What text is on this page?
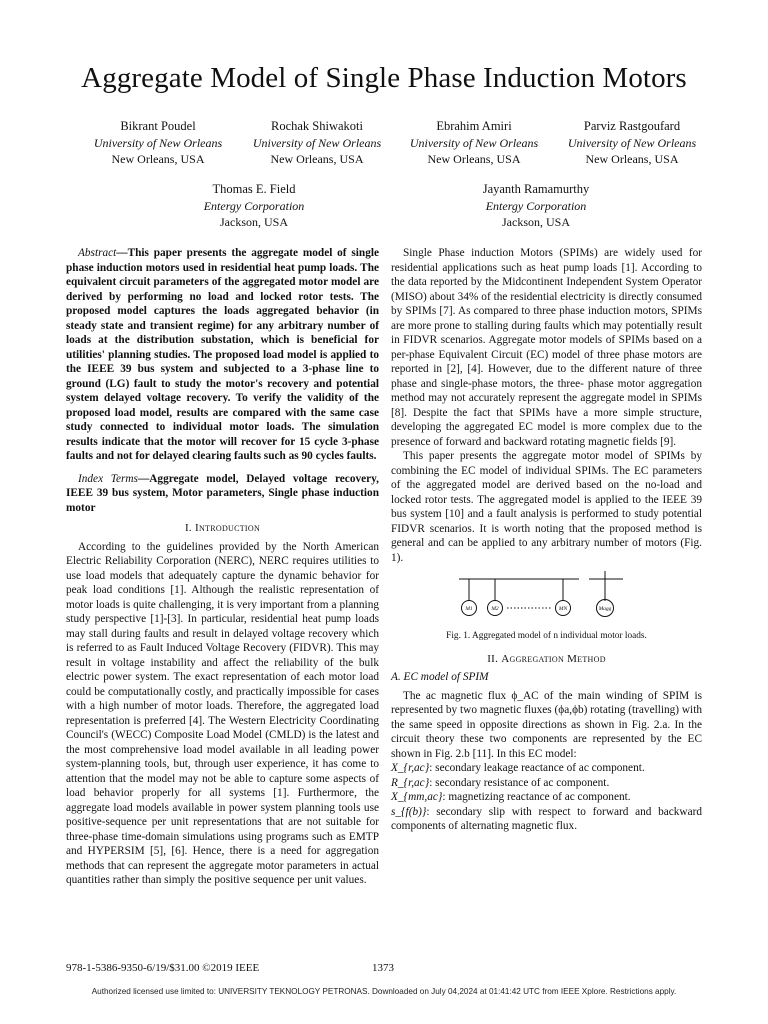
Aggregate Model of Single Phase Induction Motors
Bikrant Poudel
University of New Orleans
New Orleans, USA
Rochak Shiwakoti
University of New Orleans
New Orleans, USA
Ebrahim Amiri
University of New Orleans
New Orleans, USA
Parviz Rastgoufard
University of New Orleans
New Orleans, USA
Thomas E. Field
Entergy Corporation
Jackson, USA
Jayanth Ramamurthy
Entergy Corporation
Jackson, USA

Abstract—This paper presents the aggregate model of single phase induction motors used in residential heat pump loads. The equivalent circuit parameters of the aggregated motor model are derived by performing no load and locked rotor tests. The proposed model captures the loads aggregated behavior (in steady state and transient regime) for any arbitrary number of loads at the distribution substation, which is beneficial for utilities' planning studies. The proposed load model is applied to the IEEE 39 bus system and subjected to a 3-phase line to ground (LG) fault to study the motor's recovery and potential system delayed voltage recovery. To verify the validity of the proposed load model, results are compared with the same case study connected to individual motor loads. The simulation results indicate that the motor will recover for 15 cycle 3-phase faults and not for delayed clearing faults such as 90 cycles faults.

Index Terms—Aggregate model, Delayed voltage recovery, IEEE 39 bus system, Motor parameters, Single phase induction motor

I. Introduction

According to the guidelines provided by the North American Electric Reliability Corporation (NERC), NERC requires utilities to use load models that adequately capture the dynamic behavior for peak load conditions [1]. Although the realistic representation of motor loads is quite challenging, it is very important from a planning study perspective [1]-[3]. In particular, residential heat pump loads may stall during faults and result in delayed voltage recovery which is referred to as Fault Induced Voltage Recovery (FIDVR). This may result in voltage instability and affect the reliability of the bulk electric power system. The exact representation of each motor load could be computationally costly, and practically impossible for cases with a high number of motor loads. Therefore, the aggregated load representation is preferred [4]. The Western Electricity Coordinating Council's (WECC) Composite Load Model (CMLD) is the latest and the most comprehensive load model available in all leading power system-planning tools, but, through user experience, it has come to attention that the model may not be able to capture some aspects of load behavior properly for all systems [1]. Furthermore, the aggregate load models available in power system planning tools use positive-sequence per unit representations that are not suitable for three-phase time-domain simulations using programs such as EMTP and HYPERSIM [5], [6]. Hence, there is a need for aggregation methods that can represent the aggregate motor parameters in actual quantities rather than simply the positive sequence per unit values.

Single Phase induction Motors (SPIMs) are widely used for residential applications such as heat pump loads [1]. According to the data reported by the Midcontinent Independent System Operator (MISO) about 34% of the residential electricity is directly consumed by SPIMs [7]. As compared to three phase induction motors, SPIMs are more prone to stalling during faults which may potentially result in FIDVR scenarios. Aggregate motor models of SPIMs based on a per-phase Equivalent Circuit (EC) model of three phase motors are reported in [2], [4]. However, due to the different nature of three phase and single-phase motors, the three- phase motor aggregation method may not accurately represent the aggregate model in SPIMs [8]. Despite the fact that SPIMs have a more simple structure, developing the aggregated EC model is more complex due to the presence of forward and backward rotating magnetic fields [9].

This paper presents the aggregate motor model of SPIMs by combining the EC model of individual SPIMs. The EC parameters of the aggregated model are derived based on the no-load and locked rotor tests. The aggregated model is applied to the IEEE 39 bus system [10] and a fault analysis is performed to study potential FIDVR scenarios. It is worth noting that the proposed method is general and can be applied to any arbitrary number of motors (Fig. 1).

M1	M2	MN	Magg
Fig. 1. Aggregated model of n individual motor loads.
II. Aggregation Method
A. EC model of SPIM

The ac magnetic flux ϕ_AC of the main winding of SPIM is represented by two magnetic fluxes (ϕa,ϕb) rotating (travelling) with the same speed in opposite directions as shown in Fig. 2.a. In the circuit theory these two components are represented by the EC shown in Fig. 2.b [11]. In this EC model:

X_{r,ac}: secondary leakage reactance of ac component.

R_{r,ac}: secondary resistance of ac component.

X_{mm,ac}: magnetizing reactance of ac component.

s_{f(b)}: secondary slip with respect to forward and backward components of alternating magnetic flux.

978-1-5386-9350-6/19/$31.00 ©2019 IEEE	1373
Authorized licensed use limited to: UNIVERSITY TEKNOLOGY PETRONAS. Downloaded on July 04,2024 at 01:41:42 UTC from IEEE Xplore. Restrictions apply.
